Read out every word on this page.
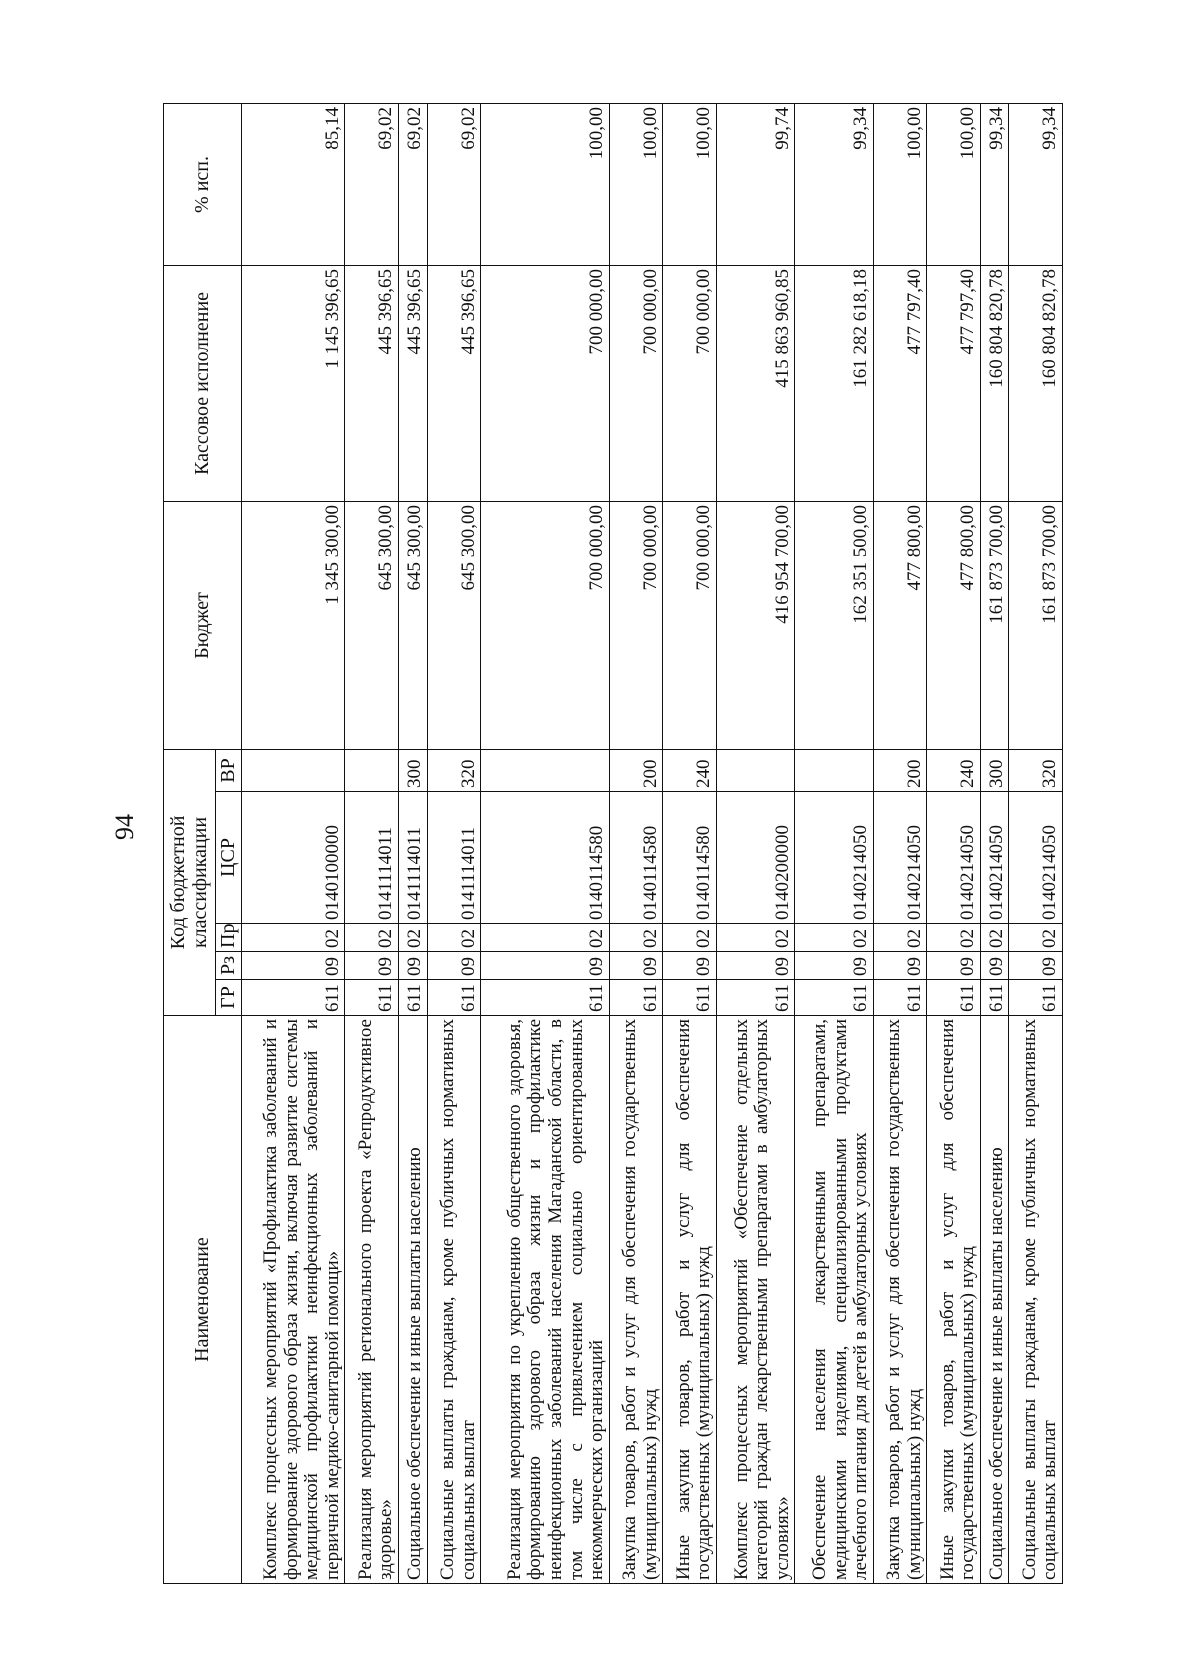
94
Наименование	Код бюджетной классификации					Бюджет	Кассовое исполнение	% исп.
	ГР	Рз	Пр	ЦСР	ВР			
Комплекс процессных мероприятий «Профилактика заболеваний и формирование здорового образа жизни, включая развитие системы медицинской профилактики неинфекционных заболеваний и первичной медико-санитарной помощи»	611	09	02	0140100000		1 345 300,00	1 145 396,65	85,14
Реализация мероприятий регионального проекта «Репродуктивное здоровье»	611	09	02	0141114011		645 300,00	445 396,65	69,02
Социальное обеспечение и иные выплаты населению	611	09	02	0141114011	300	645 300,00	445 396,65	69,02
Социальные выплаты гражданам, кроме публичных нормативных социальных выплат	611	09	02	0141114011	320	645 300,00	445 396,65	69,02
Реализация мероприятия по укреплению общественного здоровья, формированию здорового образа жизни и профилактике неинфекционных заболеваний населения Магаданской области, в том числе с привлечением социально ориентированных некоммерческих организаций	611	09	02	0140114580		700 000,00	700 000,00	100,00
Закупка товаров, работ и услуг для обеспечения государственных (муниципальных) нужд	611	09	02	0140114580	200	700 000,00	700 000,00	100,00
Иные закупки товаров, работ и услуг для обеспечения государственных (муниципальных) нужд	611	09	02	0140114580	240	700 000,00	700 000,00	100,00
Комплекс процессных мероприятий «Обеспечение отдельных категорий граждан лекарственными препаратами в амбулаторных условиях»	611	09	02	0140200000		416 954 700,00	415 863 960,85	99,74
Обеспечение населения лекарственными препаратами, медицинскими изделиями, специализированными продуктами лечебного питания для детей в амбулаторных условиях	611	09	02	0140214050		162 351 500,00	161 282 618,18	99,34
Закупка товаров, работ и услуг для обеспечения государственных (муниципальных) нужд	611	09	02	0140214050	200	477 800,00	477 797,40	100,00
Иные закупки товаров, работ и услуг для обеспечения государственных (муниципальных) нужд	611	09	02	0140214050	240	477 800,00	477 797,40	100,00
Социальное обеспечение и иные выплаты населению	611	09	02	0140214050	300	161 873 700,00	160 804 820,78	99,34
Социальные выплаты гражданам, кроме публичных нормативных социальных выплат	611	09	02	0140214050	320	161 873 700,00	160 804 820,78	99,34
